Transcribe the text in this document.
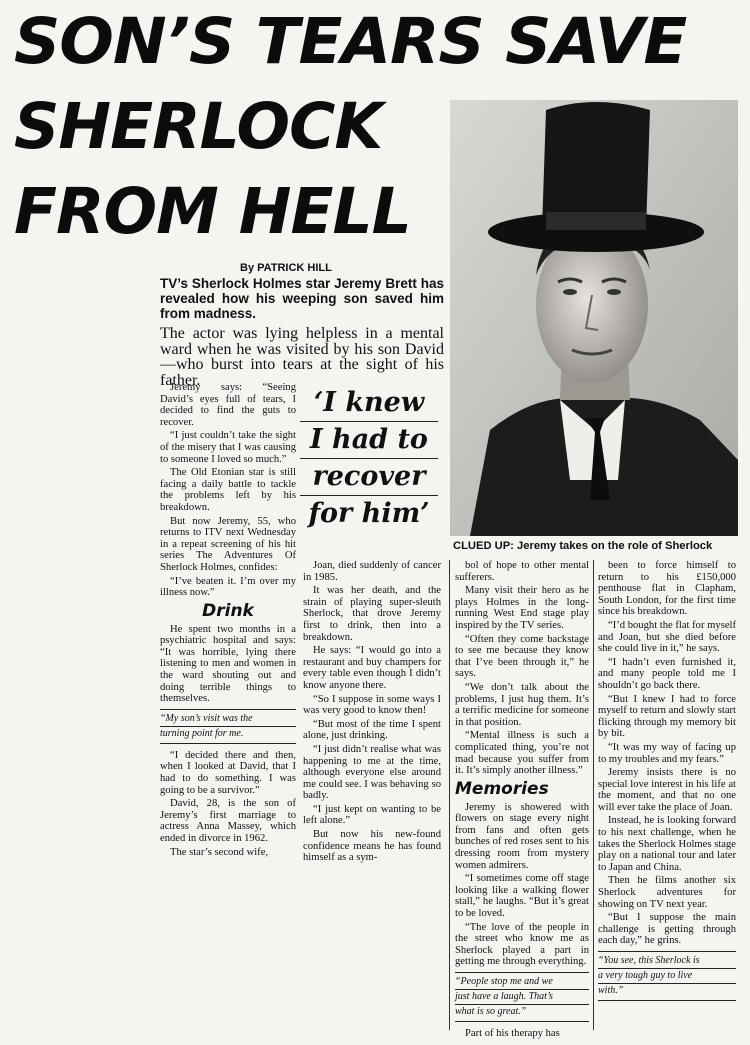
SON’S TEARS SAVE
SHERLOCK
FROM HELL
CLUED UP: Jeremy takes on the role of Sherlock
By PATRICK HILL
TV’s Sherlock Holmes star Jeremy Brett has revealed how his weeping son saved him from madness.
The actor was lying helpless in a mental ward when he was visited by his son David—who burst into tears at the sight of his father.

Jeremy says: “Seeing David’s eyes full of tears, I decided to find the guts to recover.

“I just couldn’t take the sight of the misery that I was causing to someone I loved so much.”

The Old Etonian star is still facing a daily battle to tackle the problems left by his breakdown.

But now Jeremy, 55, who returns to ITV next Wednesday in a repeat screening of his hit series The Adventures Of Sherlock Holmes, confides:

“I’ve beaten it. I’m over my illness now.”

Drink

He spent two months in a psychiatric hospital and says: “It was horrible, lying there listening to men and women in the ward shouting out and doing terrible things to themselves.

“My son’s visit was the
turning point for me.

“I decided there and then, when I looked at David, that I had to do something. I was going to be a survivor.”

David, 28, is the son of Jeremy’s first marriage to actress Anna Massey, which ended in divorce in 1962.

The star’s second wife,

‘I knew
I had to
recover
for him’

Joan, died suddenly of cancer in 1985.

It was her death, and the strain of playing super-sleuth Sherlock, that drove Jeremy first to drink, then into a breakdown.

He says: “I would go into a restaurant and buy champers for every table even though I didn’t know anyone there.

“So I suppose in some ways I was very good to know then!

“But most of the time I spent alone, just drinking.

“I just didn’t realise what was happening to me at the time, although everyone else around me could see. I was behaving so badly.

“I just kept on wanting to be left alone.”

But now his new-found confidence means he has found himself as a sym-

bol of hope to other mental sufferers.

Many visit their hero as he plays Holmes in the long-running West End stage play inspired by the TV series.

“Often they come backstage to see me because they know that I’ve been through it,” he says.

“We don’t talk about the problems, I just hug them. It’s a terrific medicine for someone in that position.

“Mental illness is such a complicated thing, you’re not mad because you suffer from it. It’s simply another illness.”

Memories

Jeremy is showered with flowers on stage every night from fans and often gets bunches of red roses sent to his dressing room from mystery women admirers.

“I sometimes come off stage looking like a walking flower stall,” he laughs. “But it’s great to be loved.

“The love of the people in the street who know me as Sherlock played a part in getting me through everything.

“People stop me and we
just have a laugh. That’s
what is so great.”

Part of his therapy has

been to force himself to return to his £150,000 penthouse flat in Clapham, South London, for the first time since his breakdown.

“I’d bought the flat for myself and Joan, but she died before she could live in it,” he says.

“I hadn’t even furnished it, and many people told me I shouldn’t go back there.

“But I knew I had to force myself to return and slowly start flicking through my memory bit by bit.

“It was my way of facing up to my troubles and my fears.”

Jeremy insists there is no special love interest in his life at the moment, and that no one will ever take the place of Joan.

Instead, he is looking forward to his next challenge, when he takes the Sherlock Holmes stage play on a national tour and later to Japan and China.

Then he films another six Sherlock adventures for showing on TV next year.

“But I suppose the main challenge is getting through each day,” he grins.

“You see, this Sherlock is
a very tough guy to live
with.”
